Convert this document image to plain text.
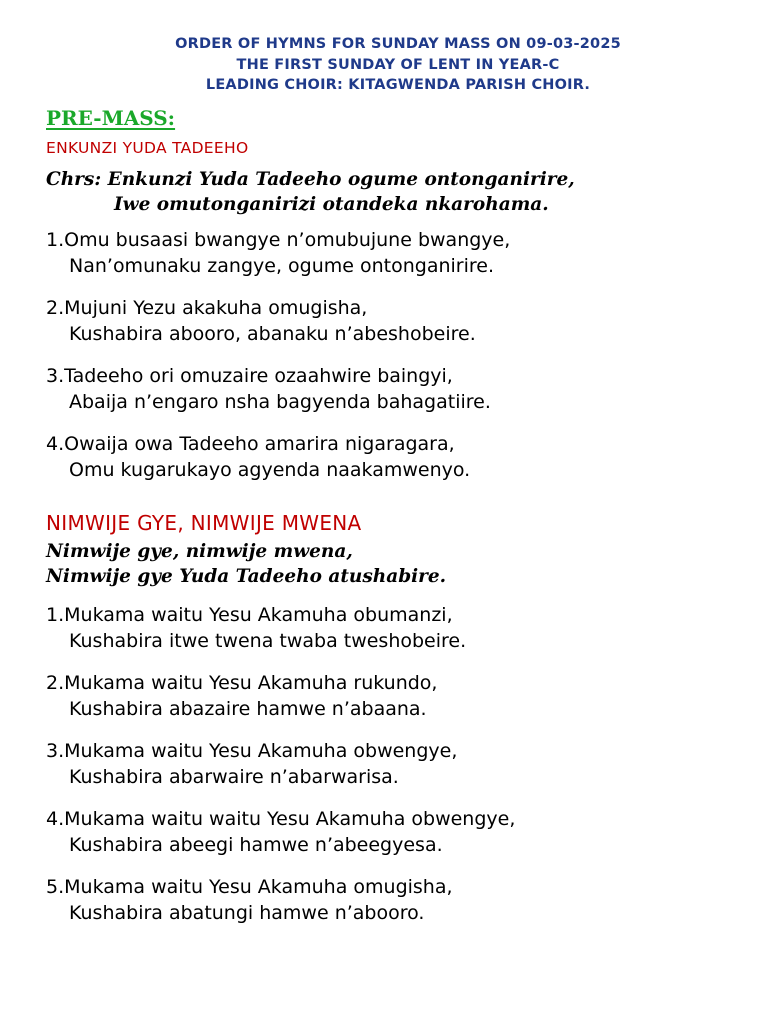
ORDER OF HYMNS FOR SUNDAY MASS ON 09-03-2025
THE FIRST SUNDAY OF LENT IN YEAR-C
LEADING CHOIR: KITAGWENDA PARISH CHOIR.
PRE-MASS:
ENKUNZI YUDA TADEEHO
Chrs: Enkunzi Yuda Tadeeho ogume ontonganirire,
Iwe omutonganirizi otandeka nkarohama.
1.Omu busaasi bwangye n’omubujune bwangye,
Nan’omunaku zangye, ogume ontonganirire.
2.Mujuni Yezu akakuha omugisha,
Kushabira abooro, abanaku n’abeshobeire.
3.Tadeeho ori omuzaire ozaahwire baingyi,
Abaija n’engaro nsha bagyenda bahagatiire.
4.Owaija owa Tadeeho amarira nigaragara,
Omu kugarukayo agyenda naakamwenyo.
NIMWIJE GYE, NIMWIJE MWENA
Nimwije gye, nimwije mwena,
Nimwije gye Yuda Tadeeho atushabire.
1.Mukama waitu Yesu Akamuha obumanzi,
Kushabira itwe twena twaba tweshobeire.
2.Mukama waitu Yesu Akamuha rukundo,
Kushabira abazaire hamwe n’abaana.
3.Mukama waitu Yesu Akamuha obwengye,
Kushabira abarwaire n’abarwarisa.
4.Mukama waitu waitu Yesu Akamuha obwengye,
Kushabira abeegi hamwe n’abeegyesa.
5.Mukama waitu Yesu Akamuha omugisha,
Kushabira abatungi hamwe n’abooro.
